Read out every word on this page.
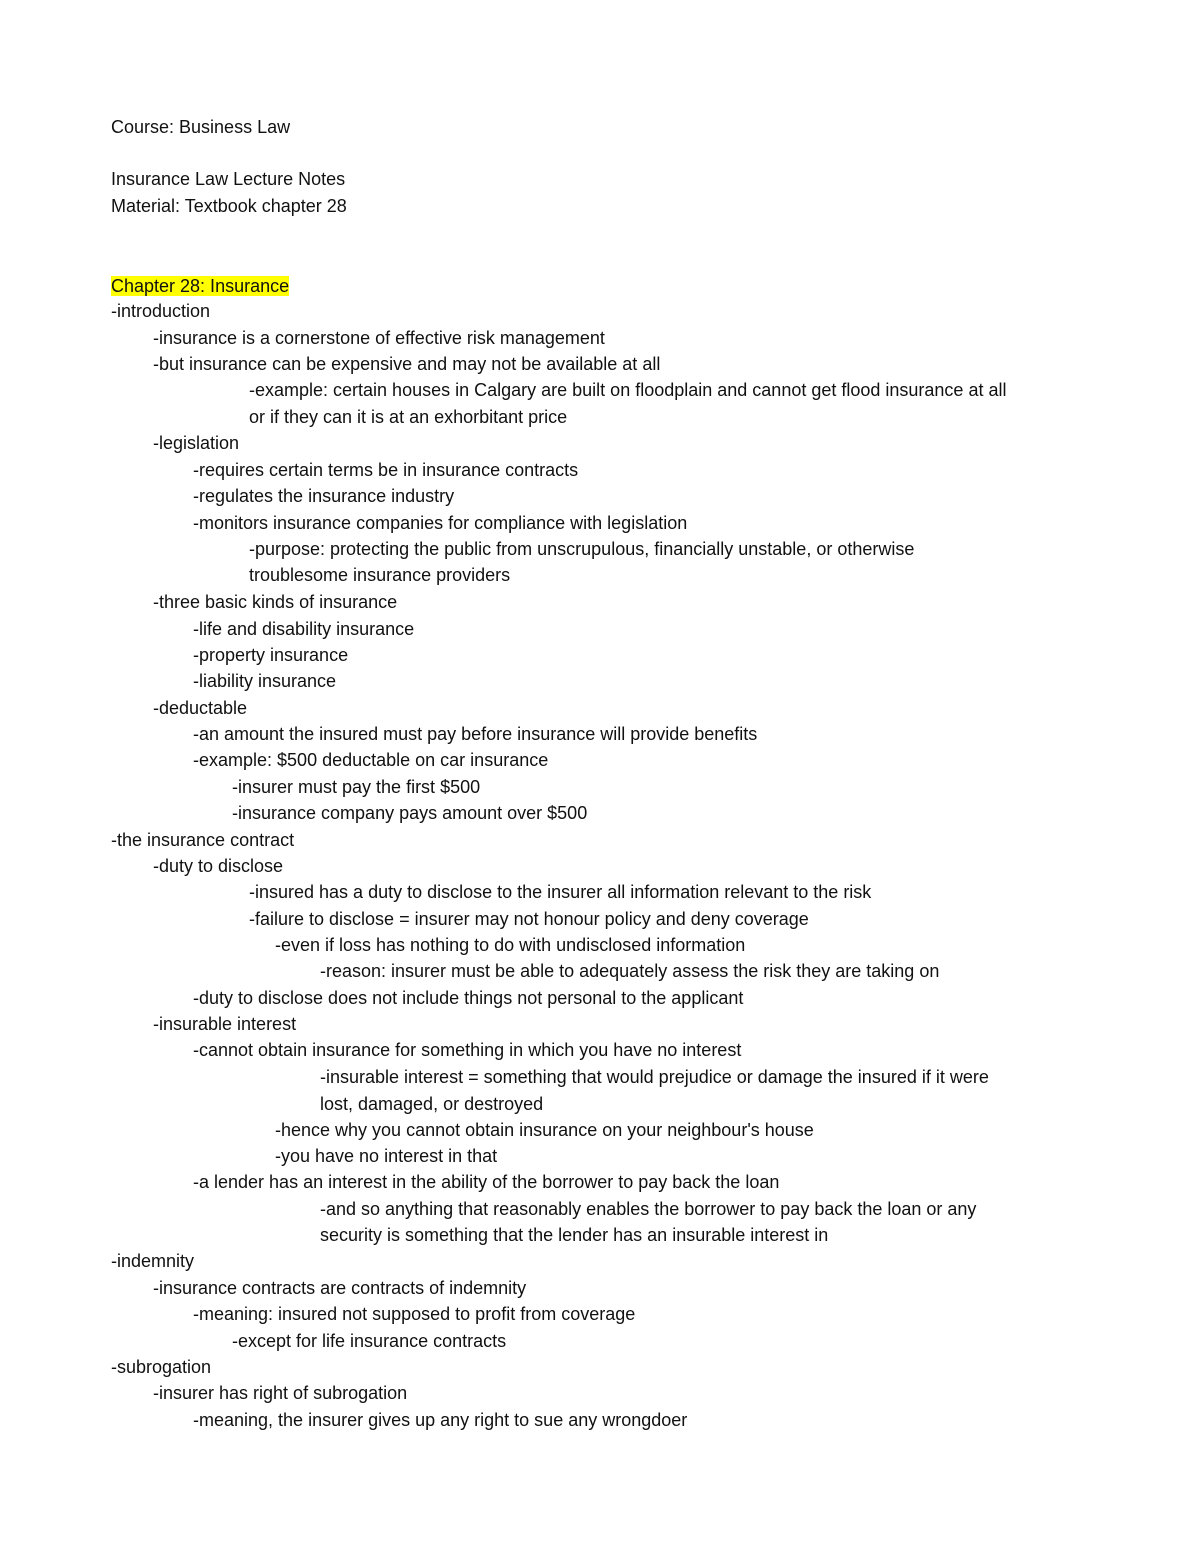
Course: Business Law
Insurance Law Lecture Notes
Material: Textbook chapter 28
Chapter 28: Insurance
-introduction
-insurance is a cornerstone of effective risk management
-but insurance can be expensive and may not be available at all
-example: certain houses in Calgary are built on floodplain and cannot get flood insurance at all
or if they can it is at an exhorbitant price
-legislation
-requires certain terms be in insurance contracts
-regulates the insurance industry
-monitors insurance companies for compliance with legislation
-purpose: protecting the public from unscrupulous, financially unstable, or otherwise
troublesome insurance providers
-three basic kinds of insurance
-life and disability insurance
-property insurance
-liability insurance
-deductable
-an amount the insured must pay before insurance will provide benefits
-example: $500 deductable on car insurance
-insurer must pay the first $500
-insurance company pays amount over $500
-the insurance contract
-duty to disclose
-insured has a duty to disclose to the insurer all information relevant to the risk
-failure to disclose = insurer may not honour policy and deny coverage
-even if loss has nothing to do with undisclosed information
-reason: insurer must be able to adequately assess the risk they are taking on
-duty to disclose does not include things not personal to the applicant
-insurable interest
-cannot obtain insurance for something in which you have no interest
-insurable interest = something that would prejudice or damage the insured if it were
lost, damaged, or destroyed
-hence why you cannot obtain insurance on your neighbour's house
-you have no interest in that
-a lender has an interest in the ability of the borrower to pay back the loan
-and so anything that reasonably enables the borrower to pay back the loan or any
security is something that the lender has an insurable interest in
-indemnity
-insurance contracts are contracts of indemnity
-meaning: insured not supposed to profit from coverage
-except for life insurance contracts
-subrogation
-insurer has right of subrogation
-meaning, the insurer gives up any right to sue any wrongdoer
